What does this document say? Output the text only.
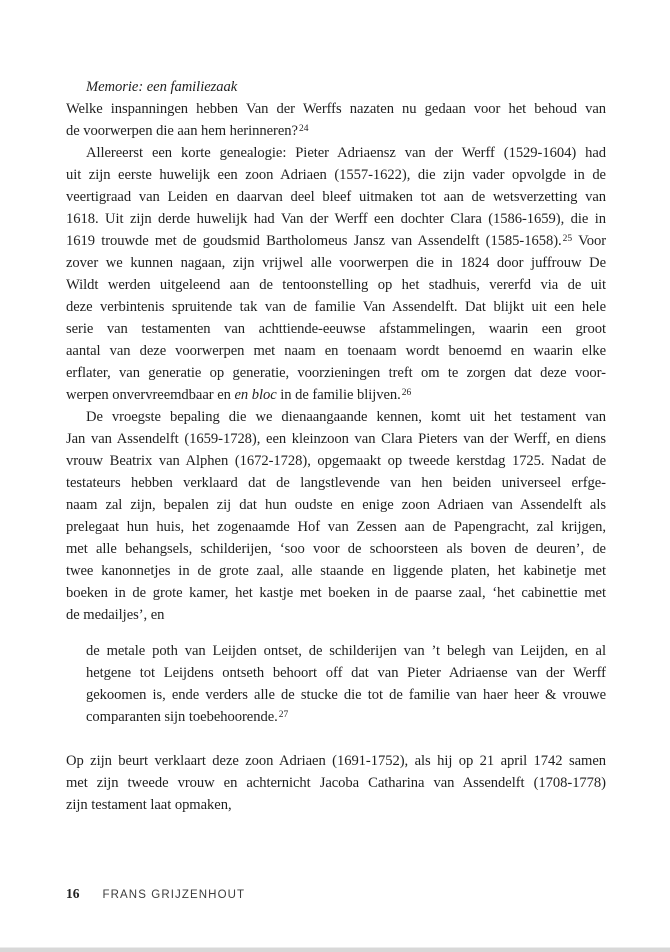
Memorie: een familiezaak
Welke inspanningen hebben Van der Werffs nazaten nu gedaan voor het behoud van
de voorwerpen die aan hem herinneren?$^{24}$
Allereerst een korte genealogie: Pieter Adriaensz van der Werff (1529-1604) had
uit zijn eerste huwelijk een zoon Adriaen (1557-1622), die zijn vader opvolgde in de
veertigraad van Leiden en daarvan deel bleef uitmaken tot aan de wetsverzetting van
1618. Uit zijn derde huwelijk had Van der Werff een dochter Clara (1586-1659), die in
1619 trouwde met de goudsmid Bartholomeus Jansz van Assendelft (1585-1658).$^{25}$ Voor
zover we kunnen nagaan, zijn vrijwel alle voorwerpen die in 1824 door juffrouw De
Wildt werden uitgeleend aan de tentoonstelling op het stadhuis, vererfd via de uit
deze verbintenis spruitende tak van de familie Van Assendelft. Dat blijkt uit een hele
serie van testamenten van achttiende-eeuwse afstammelingen, waarin een groot
aantal van deze voorwerpen met naam en toenaam wordt benoemd en waarin elke
erflater, van generatie op generatie, voorzieningen treft om te zorgen dat deze voor-
werpen onvervreemdbaar en en bloc in de familie blijven.$^{26}$
De vroegste bepaling die we dienaangaande kennen, komt uit het testament van
Jan van Assendelft (1659-1728), een kleinzoon van Clara Pieters van der Werff, en diens
vrouw Beatrix van Alphen (1672-1728), opgemaakt op tweede kerstdag 1725. Nadat de
testateurs hebben verklaard dat de langstlevende van hen beiden universeel erfge-
naam zal zijn, bepalen zij dat hun oudste en enige zoon Adriaen van Assendelft als
prelegaat hun huis, het zogenaamde Hof van Zessen aan de Papengracht, zal krijgen,
met alle behangsels, schilderijen, ‘soo voor de schoorsteen als boven de deuren’, de
twee kanonnetjes in de grote zaal, alle staande en liggende platen, het kabinetje met
boeken in de grote kamer, het kastje met boeken in de paarse zaal, ‘het cabinettie met
de medailjes’, en
de metale poth van Leijden ontset, de schilderijen van ’t belegh van Leijden, en al
hetgene tot Leijdens ontseth behoort off dat van Pieter Adriaense van der Werff
gekoomen is, ende verders alle de stucke die tot de familie van haer heer & vrouwe
comparanten sijn toebehoorende.$^{27}$
Op zijn beurt verklaart deze zoon Adriaen (1691-1752), als hij op 21 april 1742 samen
met zijn tweede vrouw en achternicht Jacoba Catharina van Assendelft (1708-1778)
zijn testament laat opmaken,
16 FRANS GRIJZENHOUT
